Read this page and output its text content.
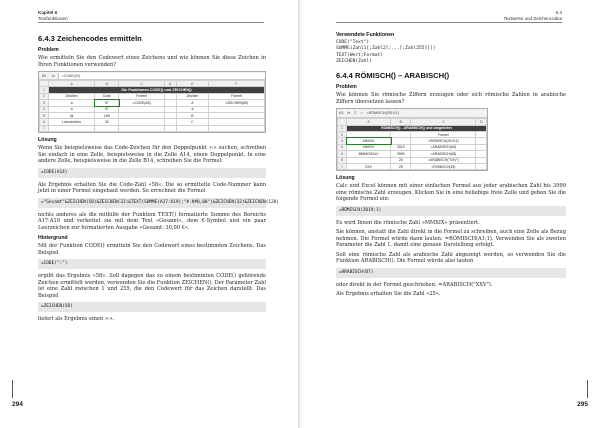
Kapitel 6
Textfunktionen
6.4.3 Zeichencodes ermitteln
Problem

Wie ermitteln Sie den Codewert eines Zeichens und wie können Sie diese Zeichen in Ihren Funktionen verwenden?

B3	fx	=CODE(A3)
	A	B	C	D	E	F
1	Die Funktionen CODE() und ZEICHEN()					
2	Zeichen	Code	Formel		Zeichen	Formel
3	a	97	=CODE(A3)		A	=ZEICHEN(65)
4	a	97			a	
5	@	169			B	
6	Leerzeichen	32			C	
7						
Lösung

Wenn Sie beispielsweise das Code-Zeichen für den Doppelpunkt »:« suchen, schreiben Sie einfach in eine Zelle, beispielsweise in die Zelle A14, einen Doppelpunkt. In eine andere Zelle, beispielsweise in die Zelle B14, schreiben Sie die Formel:

=CODE(A14)

Als Ergebnis erhalten Sie die Code-Zahl »58«. Die so ermittelte Code-Nummer kann jetzt in einer Formel eingebaut werden. So errechnet die Formel

="Gesamt"&ZEICHEN(58)&ZEICHEN(32)&TEXT(SUMME(A17:A19);"#.##0,00")&ZEICHEN(32)&ZEICHEN(128)

nichts anderes als die mithilfe der Funktion TEXT() formatierte Summe des Bereichs A17:A19 und verkettet sie mit dem Text »Gesamt«, dem €-Symbol und ein paar Leerzeichen zur formatierten Ausgabe »Gesamt: 30,00 €«.

Hintergrund

Mit der Funktion CODE() ermitteln Sie den Codewert eines bestimmten Zeichens. Das Beispiel

=CODE(":")

ergibt das Ergebnis »58«. Soll dagegen das zu einem bestimmten CODE() gehörende Zeichen ermittelt werden, verwenden Sie die Funktion ZEICHEN(). Der Parameter Zahl ist eine Zahl zwischen 1 und 255, die den Codewert für das Zeichen darstellt. Das Beispiel

=ZEICHEN(58)

liefert als Ergebnis einen »:«.

294
6.4
Textwerte und Zeichencodes
Verwendete Funktionen
CODE("Text")
SUMME(Zahl1[;Zahl2[;...[;Zahl255]]])
TEXT(Wert;Format)
ZEICHEN(Zahl)
6.4.4 RÖMISCH() – ARABISCH()
Problem

Wie können Sie römische Ziffern erzeugen oder sich römische Zahlen in arabische Ziffern übersetzen lassen?

A3	fx	Σ	=	=RÖMISCH(2019;1)
	A	B	C	D
1	RÖMISCH() - ARABISCH() und umgekehrt			
2			Formel	
3	MMXIX		=RÖMISCH(2019;1)	
4	MMXIX	2019	=ARABISCH(A4)	
5	MMMCMXLV	3999	=ARABISCH(A5)	
6		25	=ARABISCH("XXV")	
7	XXV	25	=RÖMISCH(25)	
Lösung

Calc und Excel können mit einer einfachen Formel aus jeder arabischen Zahl bis 3999 eine römische Zahl erzeugen. Klicken Sie in eine beliebige freie Zelle und geben Sie die folgende Formel ein:

=RÖMISCH(2019;1)

Es wird Ihnen die römische Zahl »MMXIX« präsentiert.

Sie können, anstatt die Zahl direkt in die Formel zu schreiben, auch eine Zelle als Bezug nehmen. Die Formel würde dann lauten: =RÖMISCH(A1;1). Verwenden Sie als zweiten Parameter die Zahl 1, damit eine genaue Darstellung erfolgt.

Soll eine römische Zahl als arabische Zahl angezeigt werden, so verwenden Sie die Funktion ARABISCH(). Die Formel würde also lauten

=ARABISCH(B7)

oder direkt in der Formel geschrieben: =ARABISCH("XXV").

Als Ergebnis erhalten Sie die Zahl »25«.

295
